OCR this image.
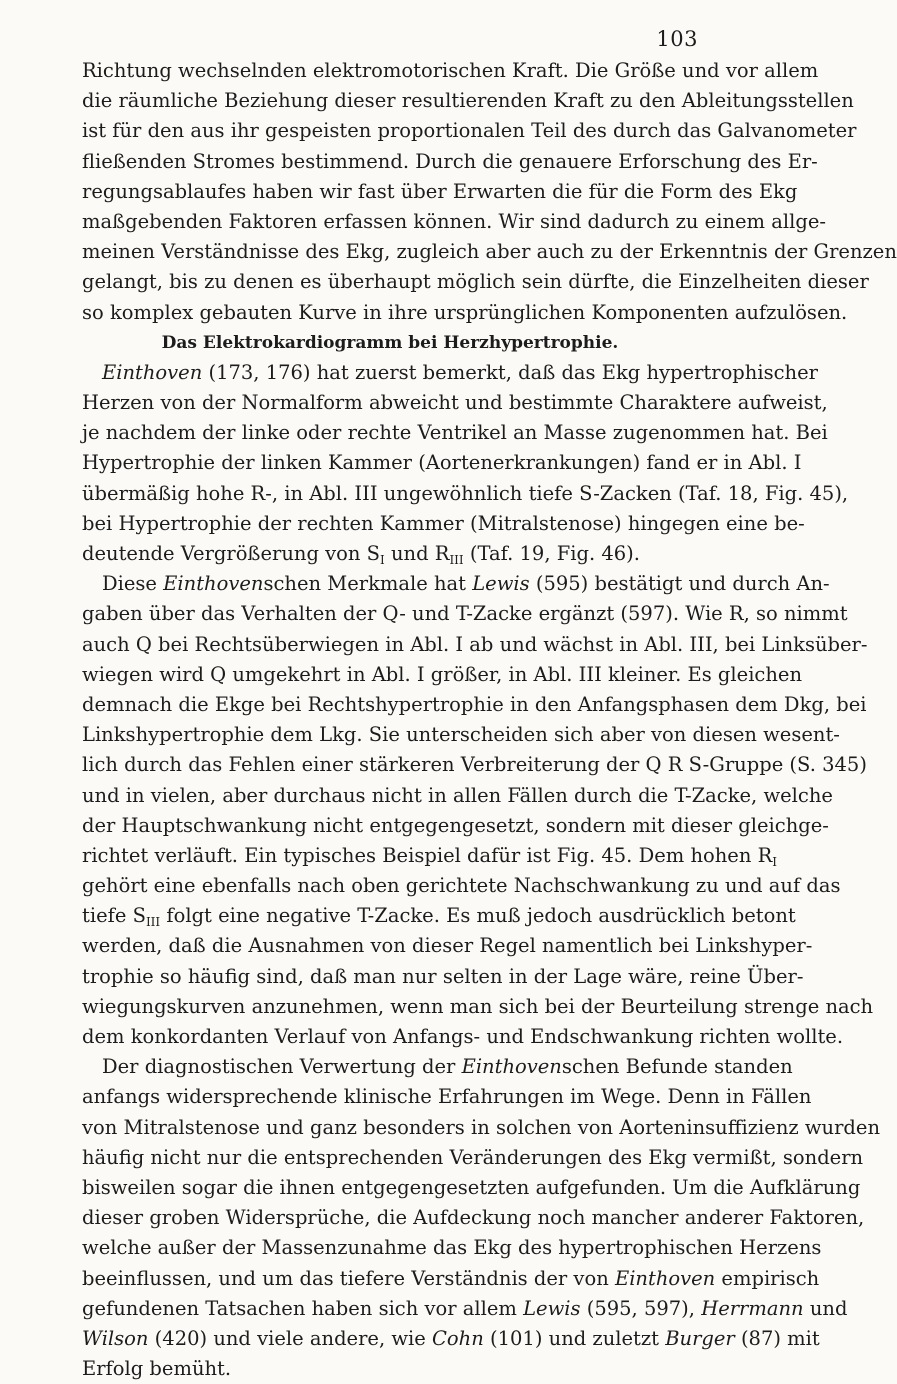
103
Richtung wechselnden elektromotorischen Kraft. Die Größe und vor allem
die räumliche Beziehung dieser resultierenden Kraft zu den Ableitungsstellen
ist für den aus ihr gespeisten proportionalen Teil des durch das Galvanometer
fließenden Stromes bestimmend. Durch die genauere Erforschung des Er-
regungsablaufes haben wir fast über Erwarten die für die Form des Ekg
maßgebenden Faktoren erfassen können. Wir sind dadurch zu einem allge-
meinen Verständnisse des Ekg, zugleich aber auch zu der Erkenntnis der Grenzen
gelangt, bis zu denen es überhaupt möglich sein dürfte, die Einzelheiten dieser
so komplex gebauten Kurve in ihre ursprünglichen Komponenten aufzulösen.
Das Elektrokardiogramm bei Herzhypertrophie.
Einthoven (173, 176) hat zuerst bemerkt, daß das Ekg hypertrophischer
Herzen von der Normalform abweicht und bestimmte Charaktere aufweist,
je nachdem der linke oder rechte Ventrikel an Masse zugenommen hat. Bei
Hypertrophie der linken Kammer (Aortenerkrankungen) fand er in Abl. I
übermäßig hohe R-, in Abl. III ungewöhnlich tiefe S-Zacken (Taf. 18, Fig. 45),
bei Hypertrophie der rechten Kammer (Mitralstenose) hingegen eine be-
deutende Vergrößerung von $S_I$ und $R_{III}$ (Taf. 19, Fig. 46).
Diese Einthovenschen Merkmale hat Lewis (595) bestätigt und durch An-
gaben über das Verhalten der Q- und T-Zacke ergänzt (597). Wie R, so nimmt
auch Q bei Rechtsüberwiegen in Abl. I ab und wächst in Abl. III, bei Linksüber-
wiegen wird Q umgekehrt in Abl. I größer, in Abl. III kleiner. Es gleichen
demnach die Ekge bei Rechtshypertrophie in den Anfangsphasen dem Dkg, bei
Linkshypertrophie dem Lkg. Sie unterscheiden sich aber von diesen wesent-
lich durch das Fehlen einer stärkeren Verbreiterung der Q R S-Gruppe (S. 345)
und in vielen, aber durchaus nicht in allen Fällen durch die T-Zacke, welche
der Hauptschwankung nicht entgegengesetzt, sondern mit dieser gleichge-
richtet verläuft. Ein typisches Beispiel dafür ist Fig. 45. Dem hohen $R_I$
gehört eine ebenfalls nach oben gerichtete Nachschwankung zu und auf das
tiefe $S_{III}$ folgt eine negative T-Zacke. Es muß jedoch ausdrücklich betont
werden, daß die Ausnahmen von dieser Regel namentlich bei Linkshyper-
trophie so häufig sind, daß man nur selten in der Lage wäre, reine Über-
wiegungskurven anzunehmen, wenn man sich bei der Beurteilung strenge nach
dem konkordanten Verlauf von Anfangs- und Endschwankung richten wollte.
Der diagnostischen Verwertung der Einthovenschen Befunde standen
anfangs widersprechende klinische Erfahrungen im Wege. Denn in Fällen
von Mitralstenose und ganz besonders in solchen von Aorteninsuffizienz wurden
häufig nicht nur die entsprechenden Veränderungen des Ekg vermißt, sondern
bisweilen sogar die ihnen entgegengesetzten aufgefunden. Um die Aufklärung
dieser groben Widersprüche, die Aufdeckung noch mancher anderer Faktoren,
welche außer der Massenzunahme das Ekg des hypertrophischen Herzens
beeinflussen, und um das tiefere Verständnis der von Einthoven empirisch
gefundenen Tatsachen haben sich vor allem Lewis (595, 597), Herrmann und
Wilson (420) und viele andere, wie Cohn (101) und zuletzt Burger (87) mit
Erfolg bemüht.
